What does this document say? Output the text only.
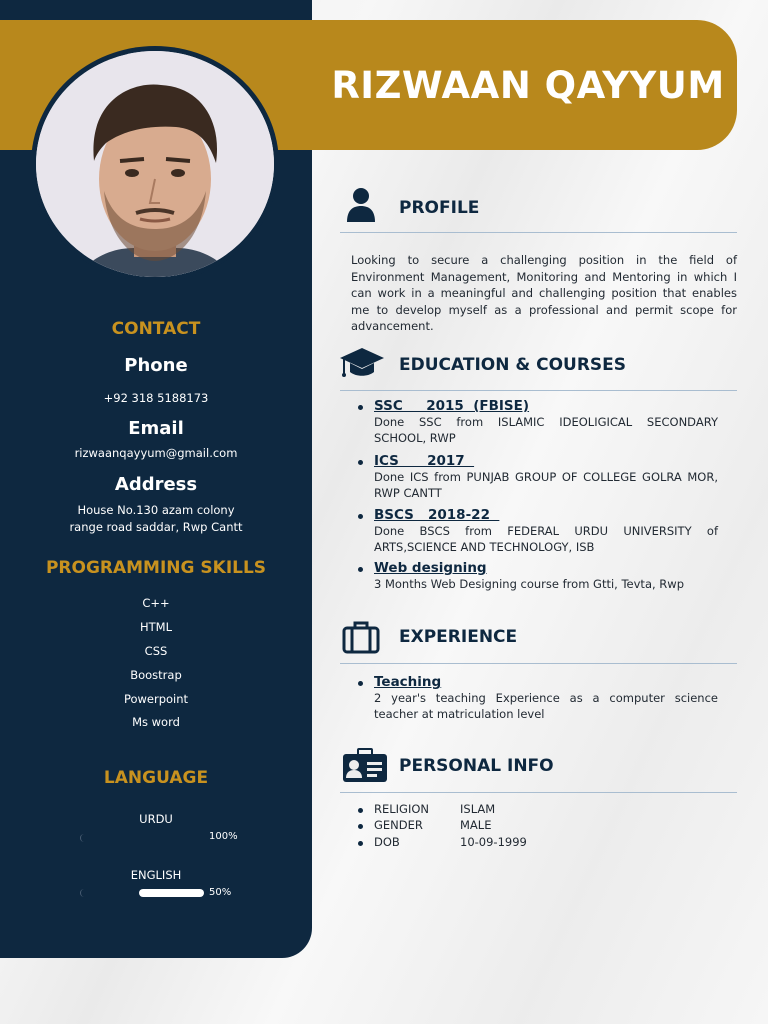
RIZWAAN QAYYUM
CONTACT
Phone
+92 318 5188173
Email
rizwaanqayyum@gmail.com
Address
House No.130 azam colony
range road saddar, Rwp Cantt
PROGRAMMING SKILLS
C++
HTML
CSS
Boostrap
Powerpoint
Ms word
LANGUAGE
URDU
100%
ENGLISH
50%
PROFILE
Looking to secure a challenging position in the field of Environment Management, Monitoring and Mentoring in which I can work in a meaningful and challenging position that enables me to develop myself as a professional and permit scope for advancement.
EDUCATION & COURSES
SSC     2015  (FBISE)
Done SSC from ISLAMIC IDEOLIGICAL SECONDARY SCHOOL, RWP
ICS      2017
Done ICS from PUNJAB GROUP OF COLLEGE GOLRA MOR, RWP CANTT
BSCS   2018-22
Done BSCS from FEDERAL URDU UNIVERSITY of ARTS,SCIENCE AND TECHNOLOGY, ISB
Web designing
3 Months Web Designing course from Gtti, Tevta, Rwp
EXPERIENCE
Teaching
2 year's teaching Experience as a computer science teacher at matriculation level
PERSONAL INFO
RELIGION	ISLAM
GENDER	MALE
DOB	10-09-1999
